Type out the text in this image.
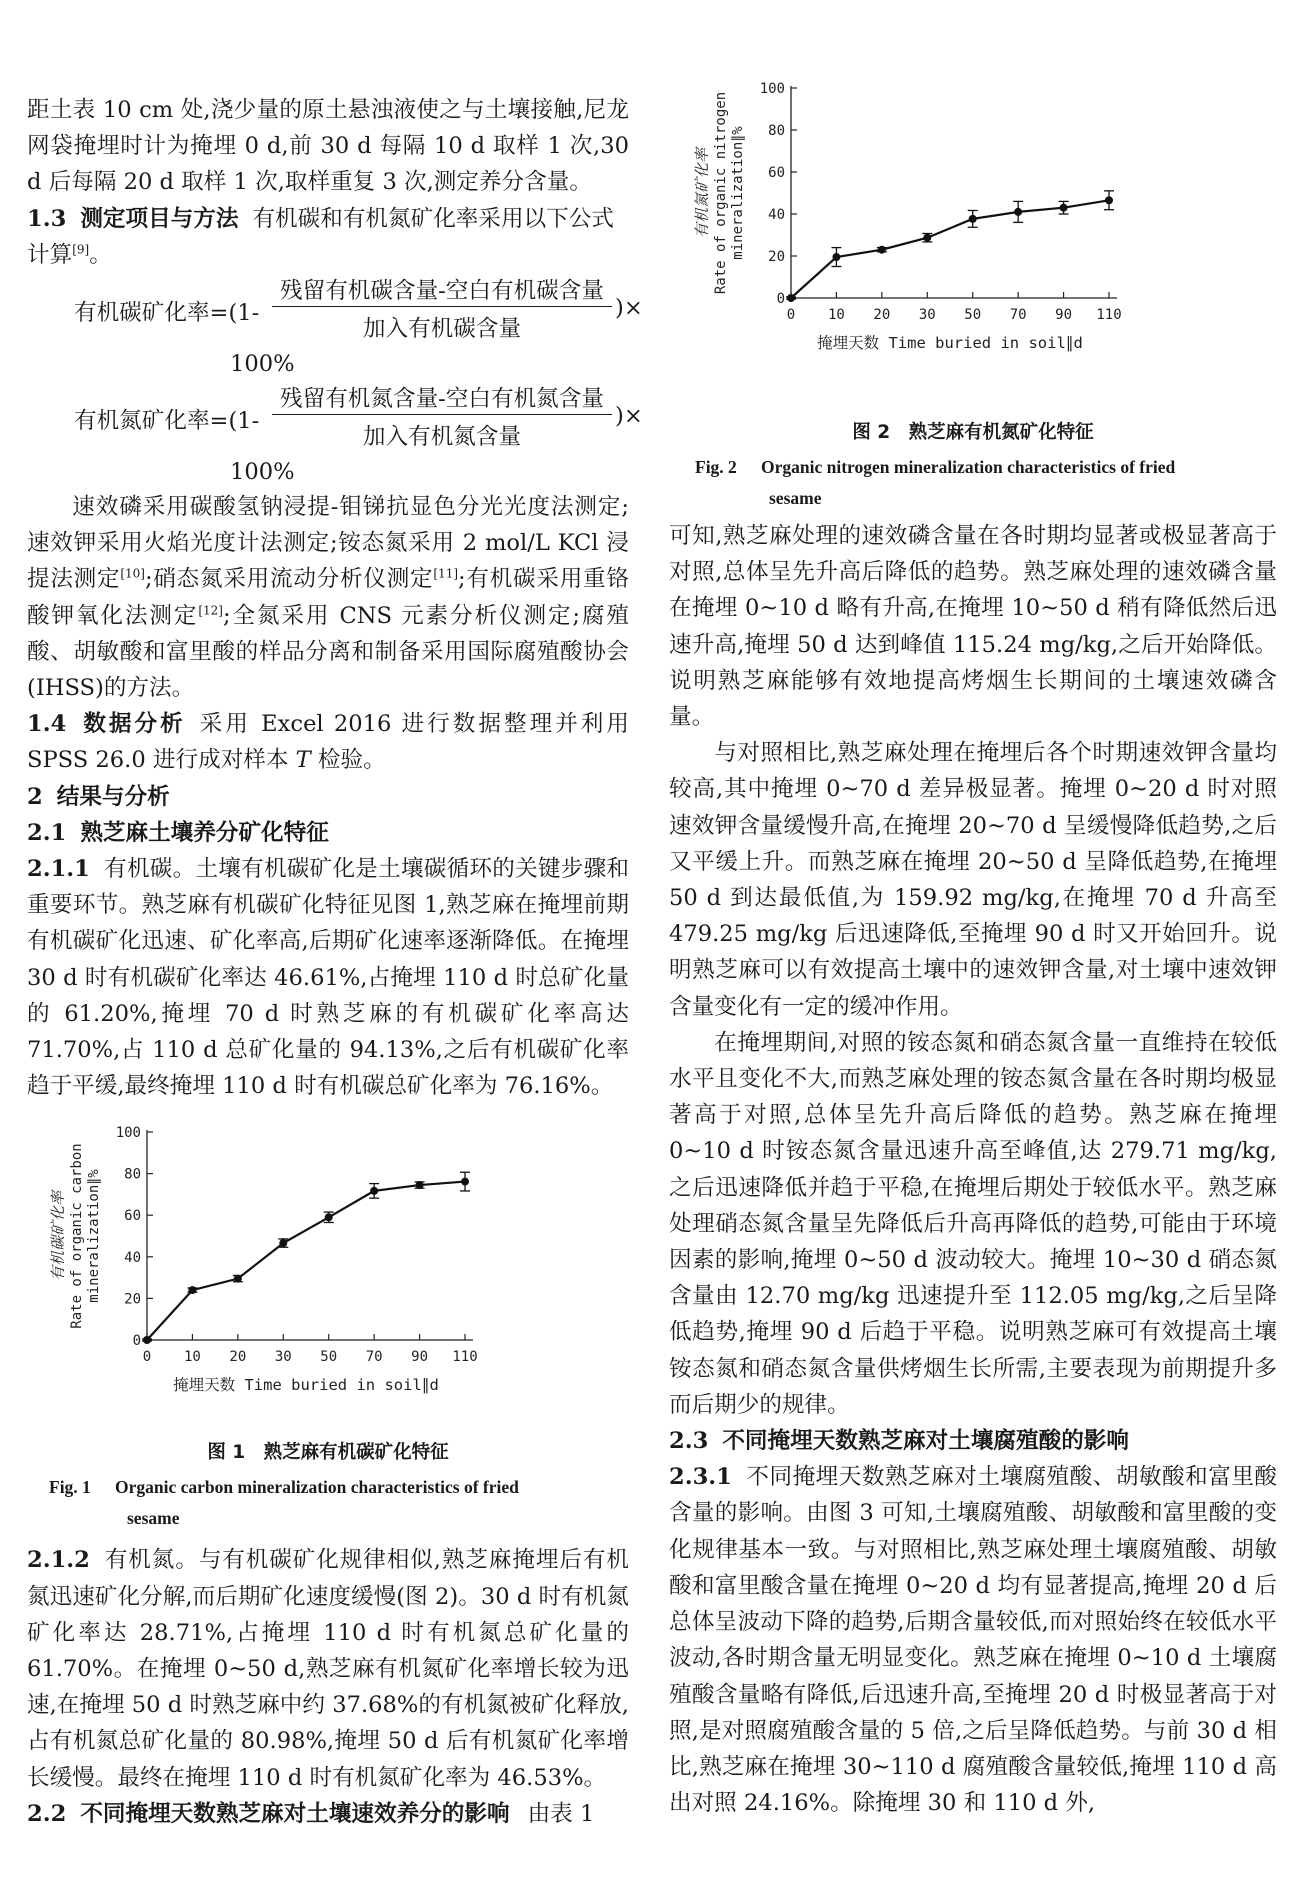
距土表 10 cm 处,浇少量的原土悬浊液使之与土壤接触,尼龙网袋掩埋时计为掩埋 0 d,前 30 d 每隔 10 d 取样 1 次,30 d 后每隔 20 d 取样 1 次,取样重复 3 次,测定养分含量。

1.3 测定项目与方法 有机碳和有机氮矿化率采用以下公式计算[9]。

有机碳矿化率=(1-
残留有机碳含量-空白有机碳含量
加入有机碳含量
)×
100%
有机氮矿化率=(1-
残留有机氮含量-空白有机氮含量
加入有机氮含量
)×
100%

速效磷采用碳酸氢钠浸提-钼锑抗显色分光光度法测定;速效钾采用火焰光度计法测定;铵态氮采用 2 mol/L KCl 浸提法测定[10];硝态氮采用流动分析仪测定[11];有机碳采用重铬酸钾氧化法测定[12];全氮采用 CNS 元素分析仪测定;腐殖酸、胡敏酸和富里酸的样品分离和制备采用国际腐殖酸协会(IHSS)的方法。

1.4 数据分析 采用 Excel 2016 进行数据整理并利用 SPSS 26.0 进行成对样本 T 检验。

2 结果与分析

2.1 熟芝麻土壤养分矿化特征

2.1.1 有机碳。土壤有机碳矿化是土壤碳循环的关键步骤和重要环节。熟芝麻有机碳矿化特征见图 1,熟芝麻在掩埋前期有机碳矿化迅速、矿化率高,后期矿化速率逐渐降低。在掩埋 30 d 时有机碳矿化率达 46.61%,占掩埋 110 d 时总矿化量的 61.20%,掩埋 70 d 时熟芝麻的有机碳矿化率高达 71.70%,占 110 d 总矿化量的 94.13%,之后有机碳矿化率趋于平缓,最终掩埋 110 d 时有机碳总矿化率为 76.16%。

0
20
40
60
80
100
0 10 20 30 50 70 90 110
掩埋天数 Time buried in soil∥d
有机碳矿化率 Rate of organic carbon mineralization∥%

图 1　熟芝麻有机碳矿化特征

Fig. 1 Organic carbon mineralization characteristics of fried
sesame

2.1.2 有机氮。与有机碳矿化规律相似,熟芝麻掩埋后有机氮迅速矿化分解,而后期矿化速度缓慢(图 2)。30 d 时有机氮矿化率达 28.71%,占掩埋 110 d 时有机氮总矿化量的 61.70%。在掩埋 0~50 d,熟芝麻有机氮矿化率增长较为迅速,在掩埋 50 d 时熟芝麻中约 37.68%的有机氮被矿化释放,占有机氮总矿化量的 80.98%,掩埋 50 d 后有机氮矿化率增长缓慢。最终在掩埋 110 d 时有机氮矿化率为 46.53%。

2.2 不同掩埋天数熟芝麻对土壤速效养分的影响 由表 1

0
20
40
60
80
100
0 10 20 30 50 70 90 110
掩埋天数 Time buried in soil∥d
有机氮矿化率 Rate of organic nitrogen mineralization∥%

图 2　熟芝麻有机氮矿化特征

Fig. 2 Organic nitrogen mineralization characteristics of fried
sesame

可知,熟芝麻处理的速效磷含量在各时期均显著或极显著高于对照,总体呈先升高后降低的趋势。熟芝麻处理的速效磷含量在掩埋 0~10 d 略有升高,在掩埋 10~50 d 稍有降低然后迅速升高,掩埋 50 d 达到峰值 115.24 mg/kg,之后开始降低。说明熟芝麻能够有效地提高烤烟生长期间的土壤速效磷含量。

与对照相比,熟芝麻处理在掩埋后各个时期速效钾含量均较高,其中掩埋 0~70 d 差异极显著。掩埋 0~20 d 时对照速效钾含量缓慢升高,在掩埋 20~70 d 呈缓慢降低趋势,之后又平缓上升。而熟芝麻在掩埋 20~50 d 呈降低趋势,在掩埋 50 d 到达最低值,为 159.92 mg/kg,在掩埋 70 d 升高至 479.25 mg/kg 后迅速降低,至掩埋 90 d 时又开始回升。说明熟芝麻可以有效提高土壤中的速效钾含量,对土壤中速效钾含量变化有一定的缓冲作用。

在掩埋期间,对照的铵态氮和硝态氮含量一直维持在较低水平且变化不大,而熟芝麻处理的铵态氮含量在各时期均极显著高于对照,总体呈先升高后降低的趋势。熟芝麻在掩埋 0~10 d 时铵态氮含量迅速升高至峰值,达 279.71 mg/kg,之后迅速降低并趋于平稳,在掩埋后期处于较低水平。熟芝麻处理硝态氮含量呈先降低后升高再降低的趋势,可能由于环境因素的影响,掩埋 0~50 d 波动较大。掩埋 10~30 d 硝态氮含量由 12.70 mg/kg 迅速提升至 112.05 mg/kg,之后呈降低趋势,掩埋 90 d 后趋于平稳。说明熟芝麻可有效提高土壤铵态氮和硝态氮含量供烤烟生长所需,主要表现为前期提升多而后期少的规律。

2.3 不同掩埋天数熟芝麻对土壤腐殖酸的影响

2.3.1 不同掩埋天数熟芝麻对土壤腐殖酸、胡敏酸和富里酸含量的影响。由图 3 可知,土壤腐殖酸、胡敏酸和富里酸的变化规律基本一致。与对照相比,熟芝麻处理土壤腐殖酸、胡敏酸和富里酸含量在掩埋 0~20 d 均有显著提高,掩埋 20 d 后总体呈波动下降的趋势,后期含量较低,而对照始终在较低水平波动,各时期含量无明显变化。熟芝麻在掩埋 0~10 d 土壤腐殖酸含量略有降低,后迅速升高,至掩埋 20 d 时极显著高于对照,是对照腐殖酸含量的 5 倍,之后呈降低趋势。与前 30 d 相比,熟芝麻在掩埋 30~110 d 腐殖酸含量较低,掩埋 110 d 高出对照 24.16%。除掩埋 30 和 110 d 外,
